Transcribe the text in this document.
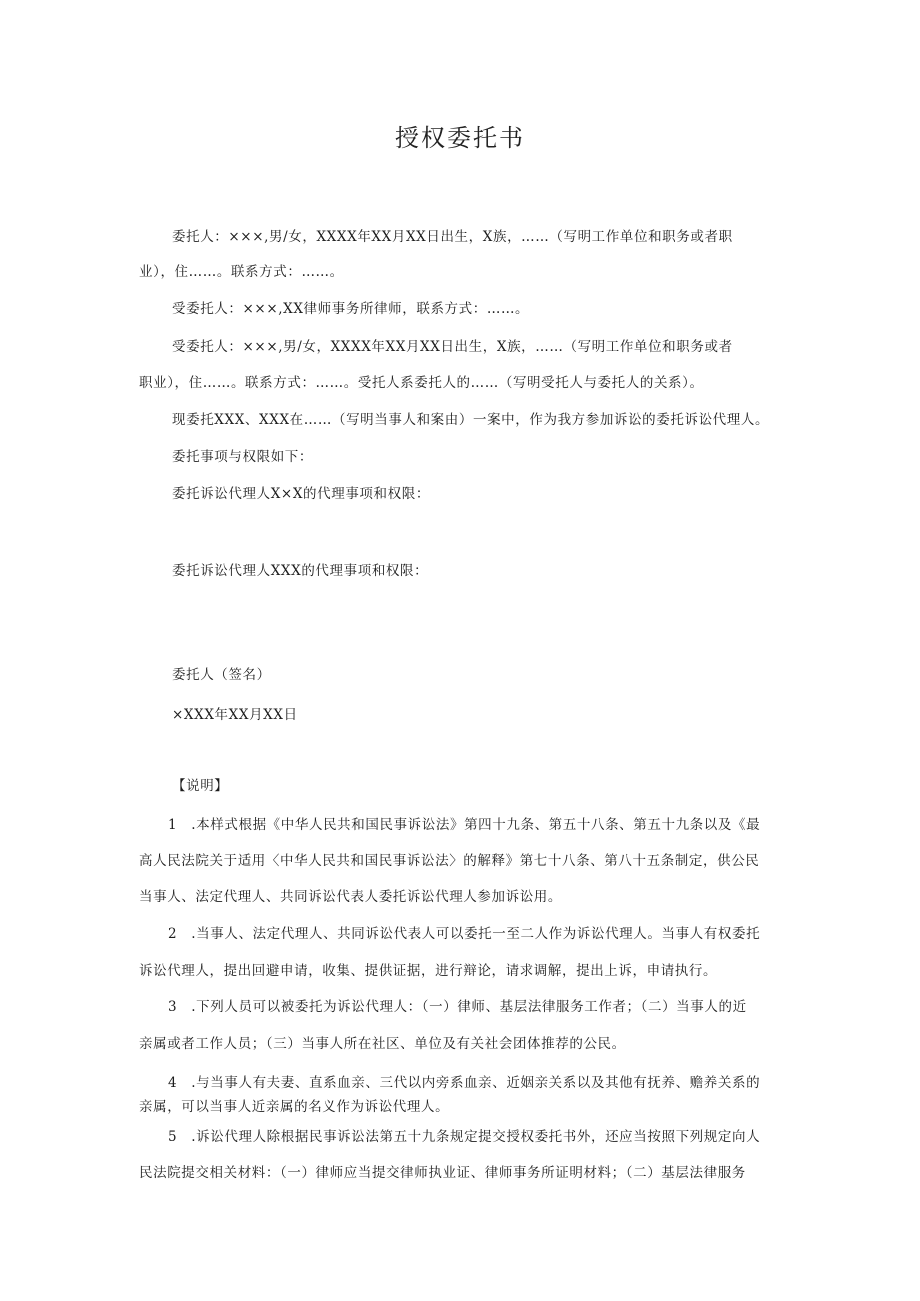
授权委托书
委托人：×××,男/女，XXXX年XX月XX日出生，X族，……（写明工作单位和职务或者职
业），住……。联系方式：……。
受委托人：×××,XX律师事务所律师，联系方式：……。
受委托人：×××,男/女，XXXX年XX月XX日出生，X族，……（写明工作单位和职务或者
职业），住……。联系方式：……。受托人系委托人的……（写明受托人与委托人的关系）。
现委托XXX、XXX在……（写明当事人和案由）一案中，作为我方参加诉讼的委托诉讼代理人。
委托事项与权限如下：
委托诉讼代理人X×X的代理事项和权限：
委托诉讼代理人XXX的代理事项和权限：
委托人（签名）
×XXX年XX月XX日
【说明】
1　.本样式根据《中华人民共和国民事诉讼法》第四十九条、第五十八条、第五十九条以及《最
高人民法院关于适用〈中华人民共和国民事诉讼法〉的解释》第七十八条、第八十五条制定，供公民
当事人、法定代理人、共同诉讼代表人委托诉讼代理人参加诉讼用。
2　.当事人、法定代理人、共同诉讼代表人可以委托一至二人作为诉讼代理人。当事人有权委托
诉讼代理人，提出回避申请，收集、提供证据，进行辩论，请求调解，提出上诉，申请执行。
3　.下列人员可以被委托为诉讼代理人：（一）律师、基层法律服务工作者；（二）当事人的近
亲属或者工作人员；（三）当事人所在社区、单位及有关社会团体推荐的公民。
4　.与当事人有夫妻、直系血亲、三代以内旁系血亲、近姻亲关系以及其他有抚养、赡养关系的
亲属，可以当事人近亲属的名义作为诉讼代理人。
5　.诉讼代理人除根据民事诉讼法第五十九条规定提交授权委托书外，还应当按照下列规定向人
民法院提交相关材料：（一）律师应当提交律师执业证、律师事务所证明材料；（二）基层法律服务
